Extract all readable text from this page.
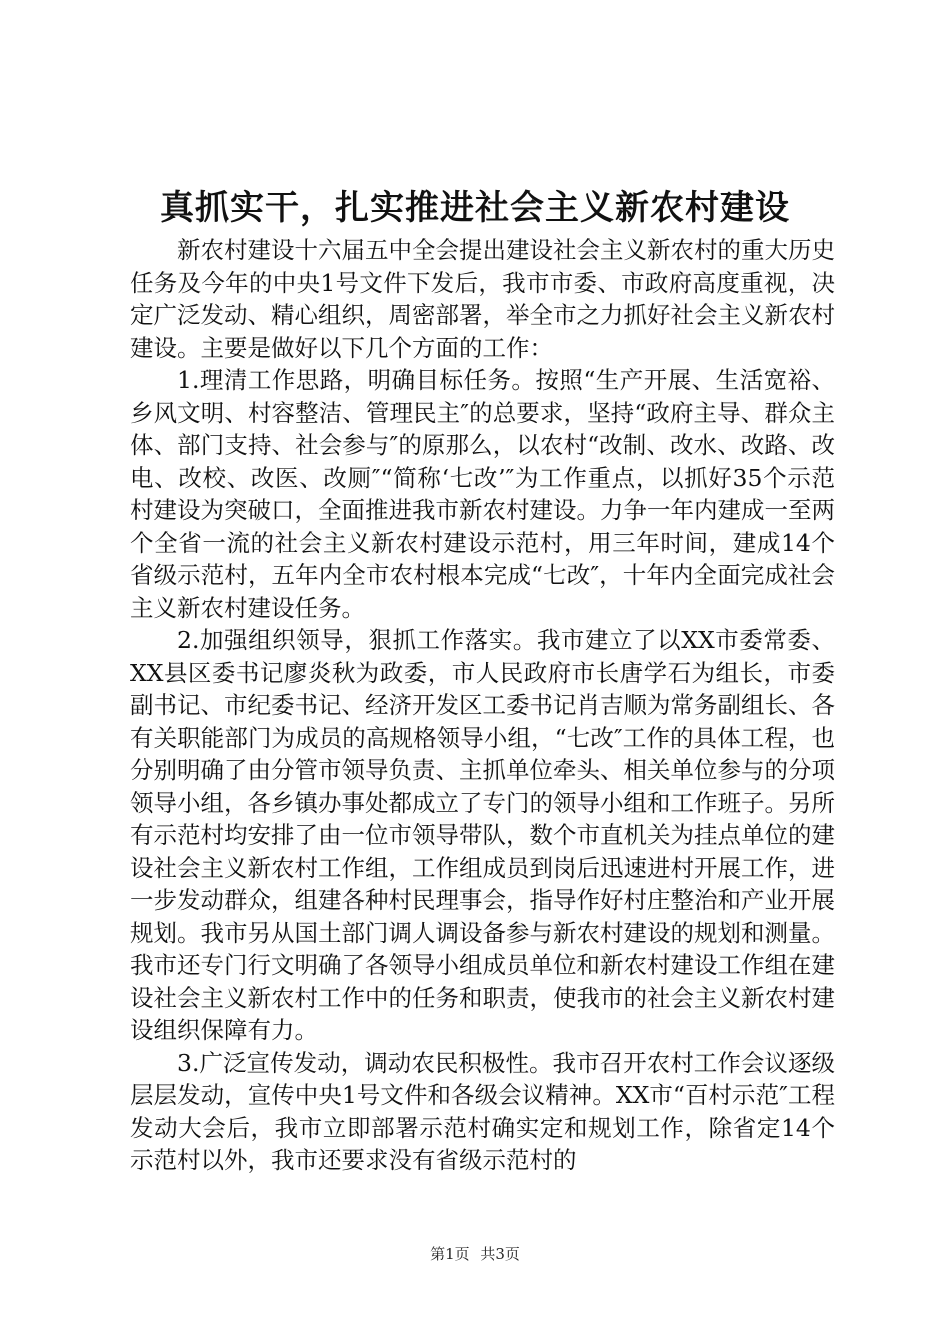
真抓实干，扎实推进社会主义新农村建设

新农村建设十六届五中全会提出建设社会主义新农村的重大历史任务及今年的中央1号文件下发后，我市市委、市政府高度重视，决定广泛发动、精心组织，周密部署，举全市之力抓好社会主义新农村建设。主要是做好以下几个方面的工作：

1.理清工作思路，明确目标任务。按照“生产开展、生活宽裕、乡风文明、村容整洁、管理民主″的总要求，坚持“政府主导、群众主体、部门支持、社会参与″的原那么，以农村“改制、改水、改路、改电、改校、改医、改厕″“简称‘七改’″为工作重点，以抓好35个示范村建设为突破口，全面推进我市新农村建设。力争一年内建成一至两个全省一流的社会主义新农村建设示范村，用三年时间，建成14个省级示范村，五年内全市农村根本完成“七改″，十年内全面完成社会主义新农村建设任务。

2.加强组织领导，狠抓工作落实。我市建立了以XX市委常委、XX县区委书记廖炎秋为政委，市人民政府市长唐学石为组长，市委副书记、市纪委书记、经济开发区工委书记肖吉顺为常务副组长、各有关职能部门为成员的高规格领导小组，“七改″工作的具体工程，也分别明确了由分管市领导负责、主抓单位牵头、相关单位参与的分项领导小组，各乡镇办事处都成立了专门的领导小组和工作班子。另所有示范村均安排了由一位市领导带队，数个市直机关为挂点单位的建设社会主义新农村工作组，工作组成员到岗后迅速进村开展工作，进一步发动群众，组建各种村民理事会，指导作好村庄整治和产业开展规划。我市另从国土部门调人调设备参与新农村建设的规划和测量。我市还专门行文明确了各领导小组成员单位和新农村建设工作组在建设社会主义新农村工作中的任务和职责，使我市的社会主义新农村建设组织保障有力。

3.广泛宣传发动，调动农民积极性。我市召开农村工作会议逐级层层发动，宣传中央1号文件和各级会议精神。XX市“百村示范″工程发动大会后，我市立即部署示范村确实定和规划工作，除省定14个示范村以外，我市还要求没有省级示范村的

第1页 共3页
